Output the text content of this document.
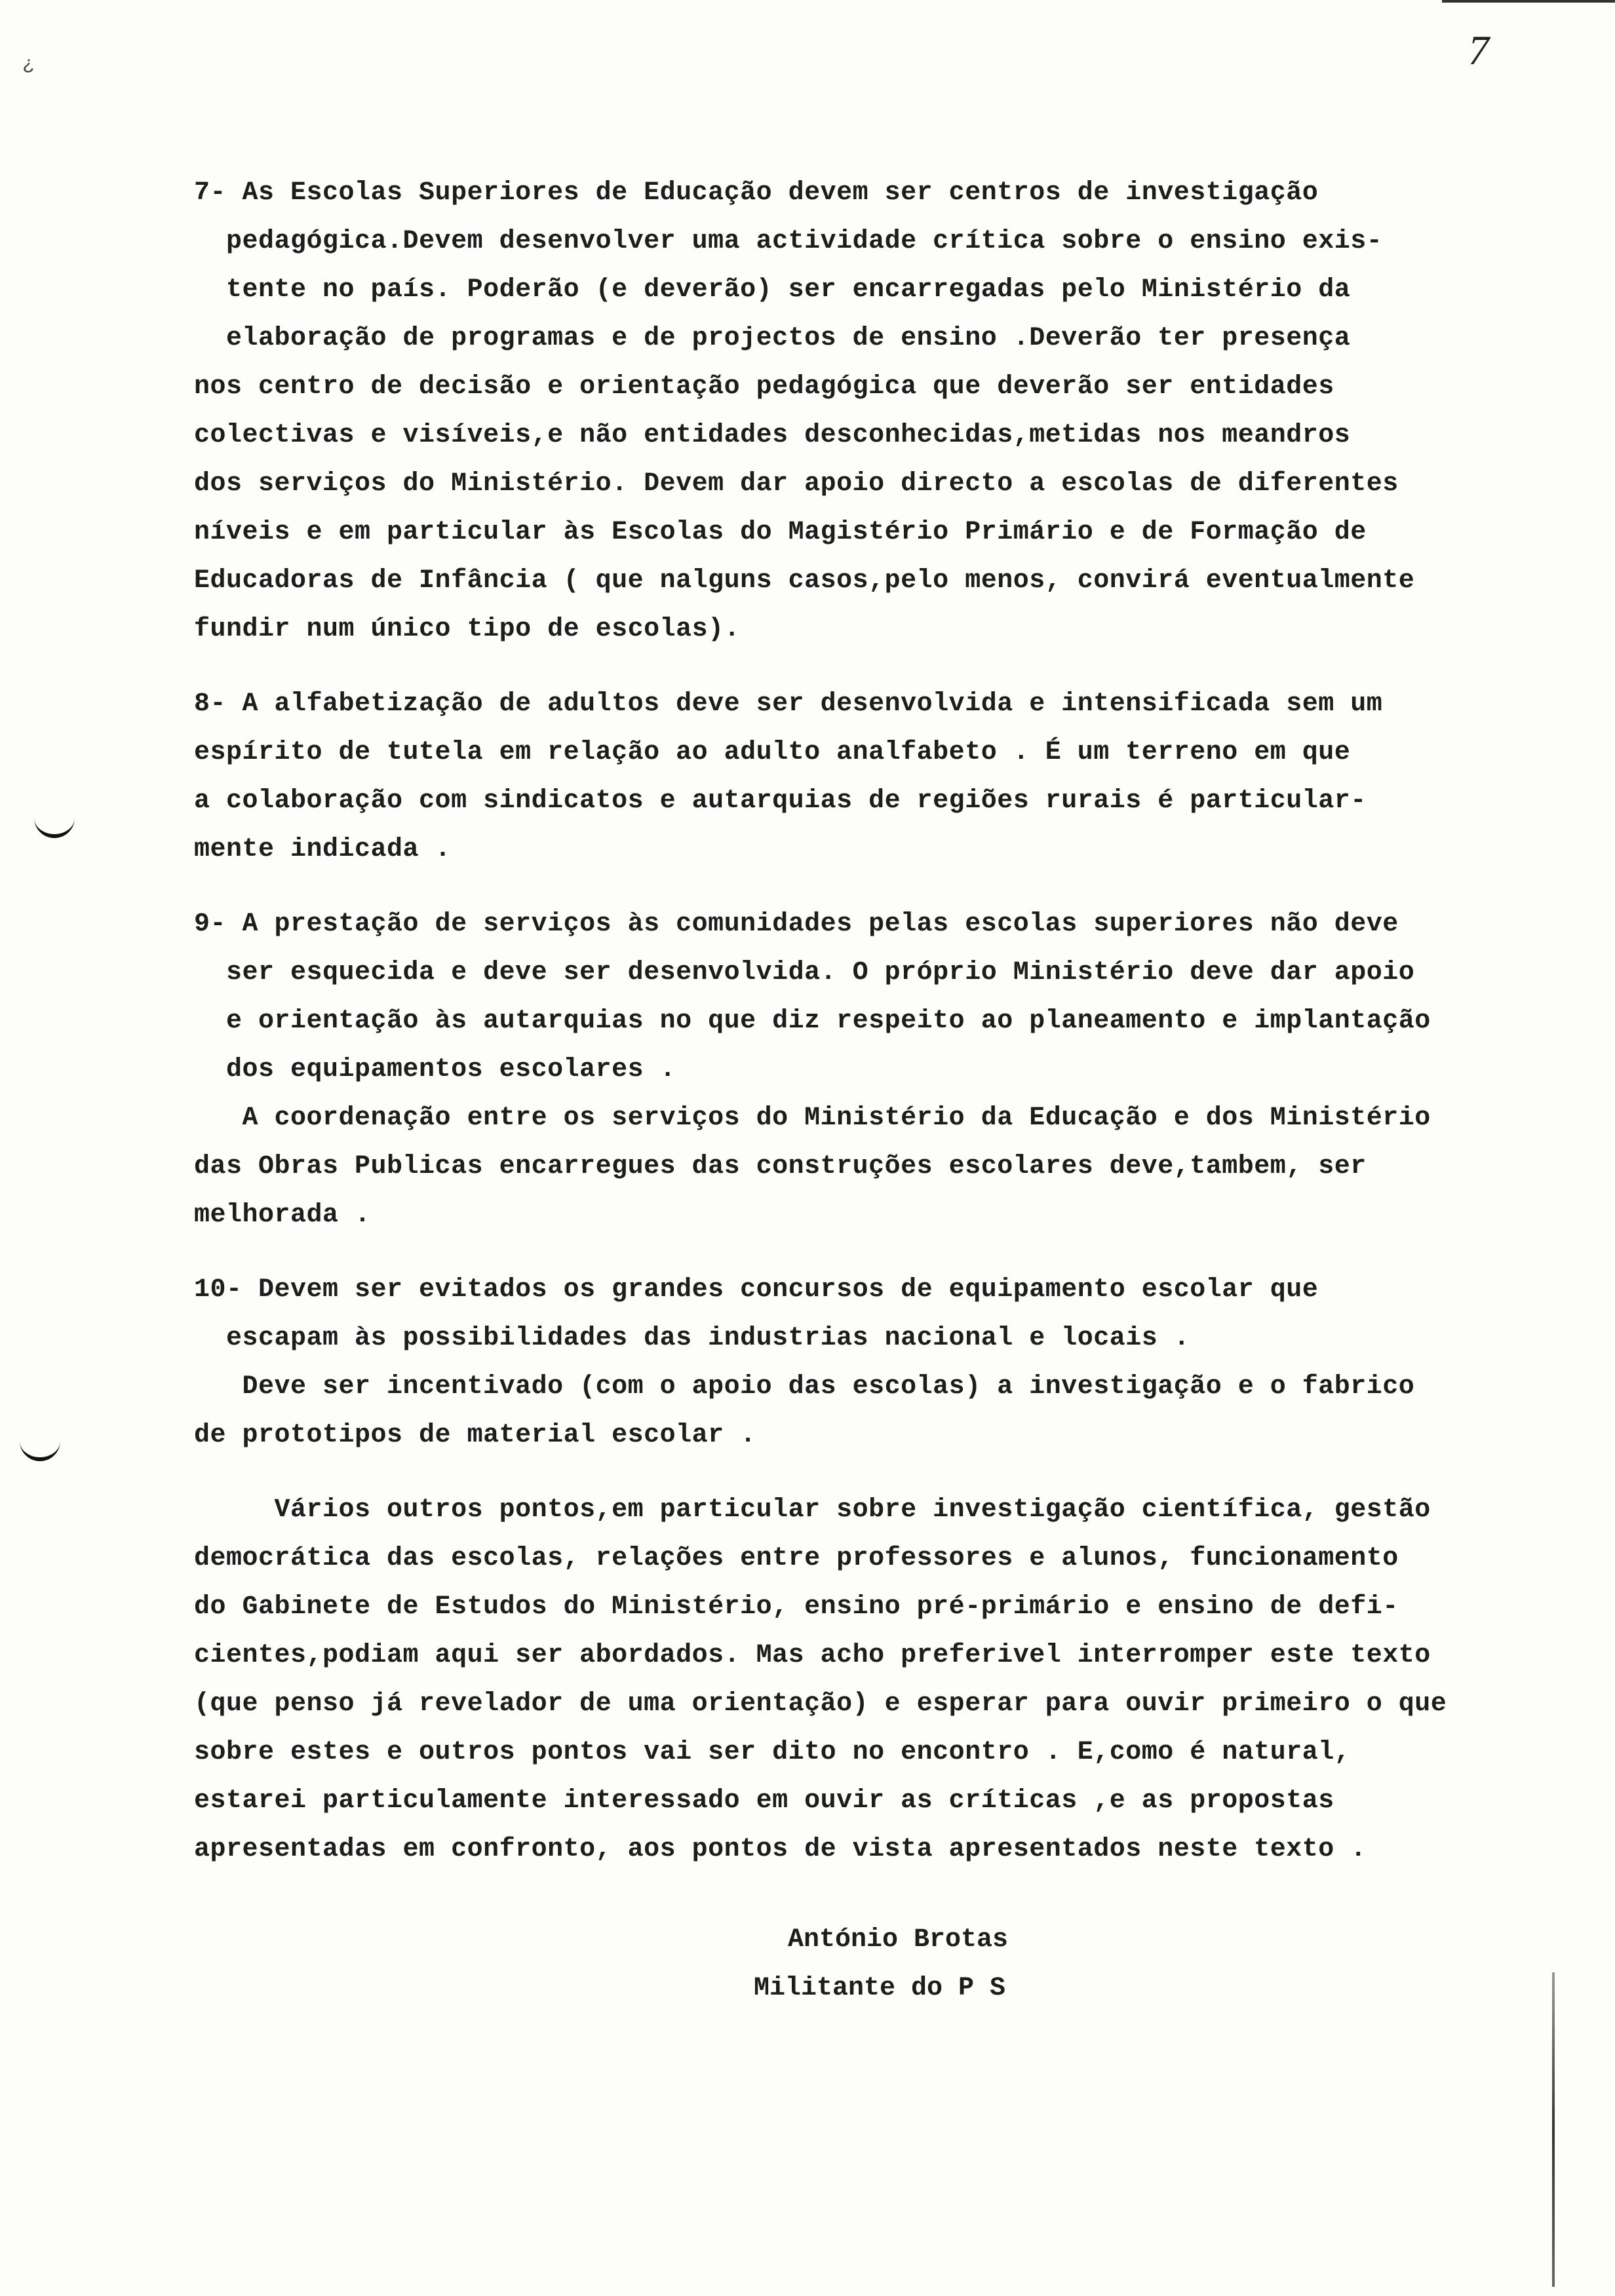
¿	7
7- As Escolas Superiores de Educação devem ser centros de investigação
pedagógica.Devem desenvolver uma actividade crítica sobre o ensino exis-
tente no país. Poderão (e deverão) ser encarregadas pelo Ministério da
elaboração de programas e de projectos de ensino .Deverão ter presença
nos centro de decisão e orientação pedagógica que deverão ser entidades
colectivas e visíveis,e não entidades desconhecidas,metidas nos meandros
dos serviços do Ministério. Devem dar apoio directo a escolas de diferentes
níveis e em particular às Escolas do Magistério Primário e de Formação de
Educadoras de Infância ( que nalguns casos,pelo menos, convirá eventualmente
fundir num único tipo de escolas).
8- A alfabetização de adultos deve ser desenvolvida e intensificada sem um
espírito de tutela em relação ao adulto analfabeto . É um terreno em que
a colaboração com sindicatos e autarquias de regiões rurais é particular-
mente indicada .
9- A prestação de serviços às comunidades pelas escolas superiores não deve
ser esquecida e deve ser desenvolvida. O próprio Ministério deve dar apoio
e orientação às autarquias no que diz respeito ao planeamento e implantação
dos equipamentos escolares .
A coordenação entre os serviços do Ministério da Educação e dos Ministério
das Obras Publicas encarregues das construções escolares deve,tambem, ser
melhorada .
10- Devem ser evitados os grandes concursos de equipamento escolar que
escapam às possibilidades das industrias nacional e locais .
Deve ser incentivado (com o apoio das escolas) a investigação e o fabrico
de prototipos de material escolar .
Vários outros pontos,em particular sobre investigação científica, gestão
democrática das escolas, relações entre professores e alunos, funcionamento
do Gabinete de Estudos do Ministério, ensino pré-primário e ensino de defi-
cientes,podiam aqui ser abordados. Mas acho preferivel interromper este texto
(que penso já revelador de uma orientação) e esperar para ouvir primeiro o que
sobre estes e outros pontos vai ser dito no encontro . E,como é natural,
estarei particulamente interessado em ouvir as críticas ,e as propostas
apresentadas em confronto, aos pontos de vista apresentados neste texto .
António Brotas
Militante do P S
